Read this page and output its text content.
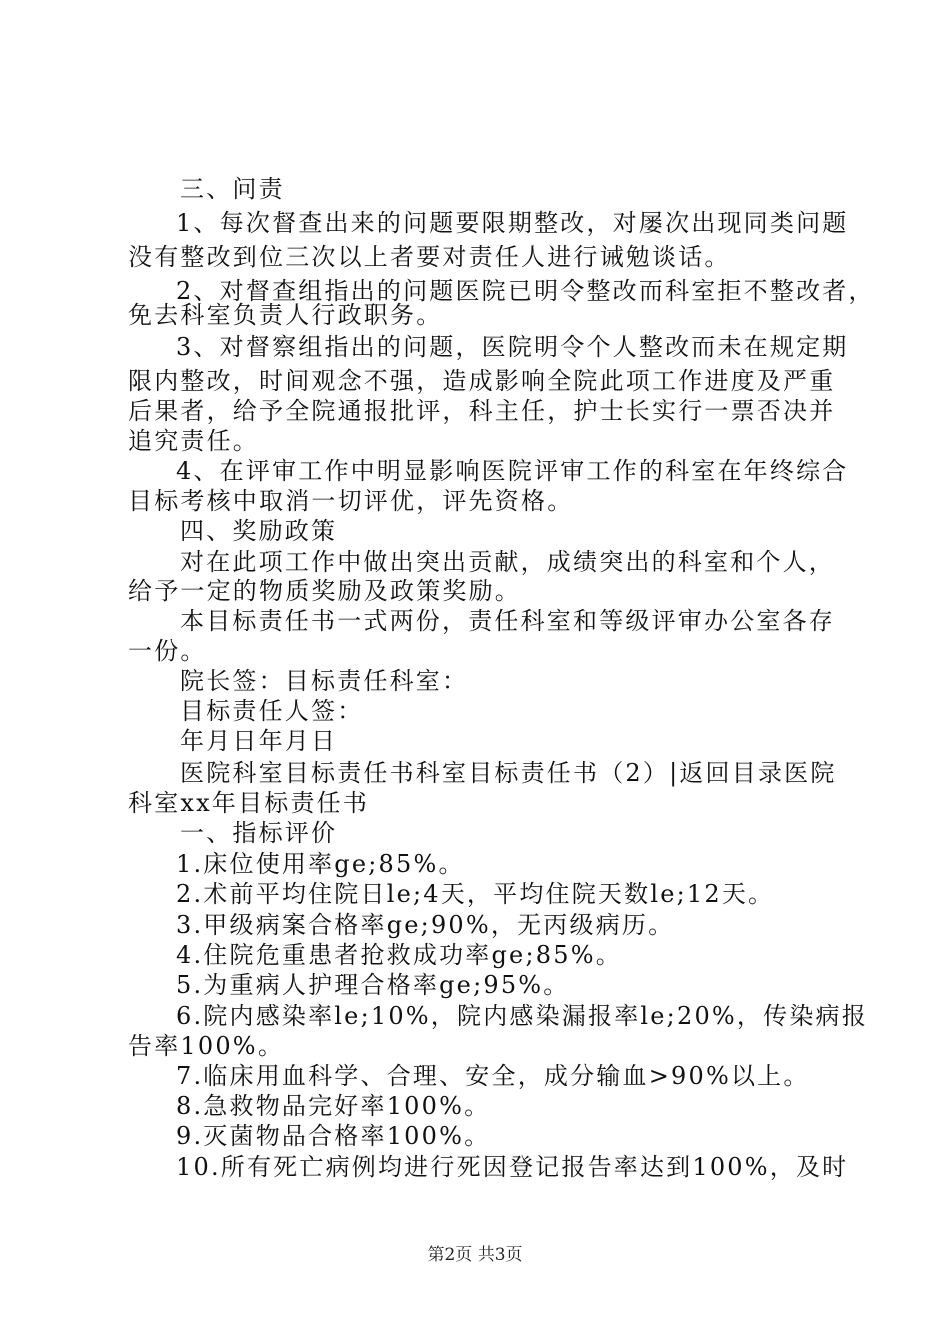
三、问责
1、每次督查出来的问题要限期整改，对屡次出现同类问题
没有整改到位三次以上者要对责任人进行诫勉谈话。
2、对督查组指出的问题医院已明令整改而科室拒不整改者，
免去科室负责人行政职务。
3、对督察组指出的问题，医院明令个人整改而未在规定期
限内整改，时间观念不强，造成影响全院此项工作进度及严重
后果者，给予全院通报批评，科主任，护士长实行一票否决并
追究责任。
4、在评审工作中明显影响医院评审工作的科室在年终综合
目标考核中取消一切评优，评先资格。
四、奖励政策
对在此项工作中做出突出贡献，成绩突出的科室和个人，
给予一定的物质奖励及政策奖励。
本目标责任书一式两份，责任科室和等级评审办公室各存
一份。
院长签：目标责任科室：
目标责任人签：
年月日年月日
医院科室目标责任书科室目标责任书（2）|返回目录医院
科室xx年目标责任书
一、指标评价
1.床位使用率ge;85%。
2.术前平均住院日le;4天，平均住院天数le;12天。
3.甲级病案合格率ge;90%，无丙级病历。
4.住院危重患者抢救成功率ge;85%。
5.为重病人护理合格率ge;95%。
6.院内感染率le;10%，院内感染漏报率le;20%，传染病报
告率100%。
7.临床用血科学、合理、安全，成分输血>90%以上。
8.急救物品完好率100%。
9.灭菌物品合格率100%。
10.所有死亡病例均进行死因登记报告率达到100%，及时
第2页 共3页
